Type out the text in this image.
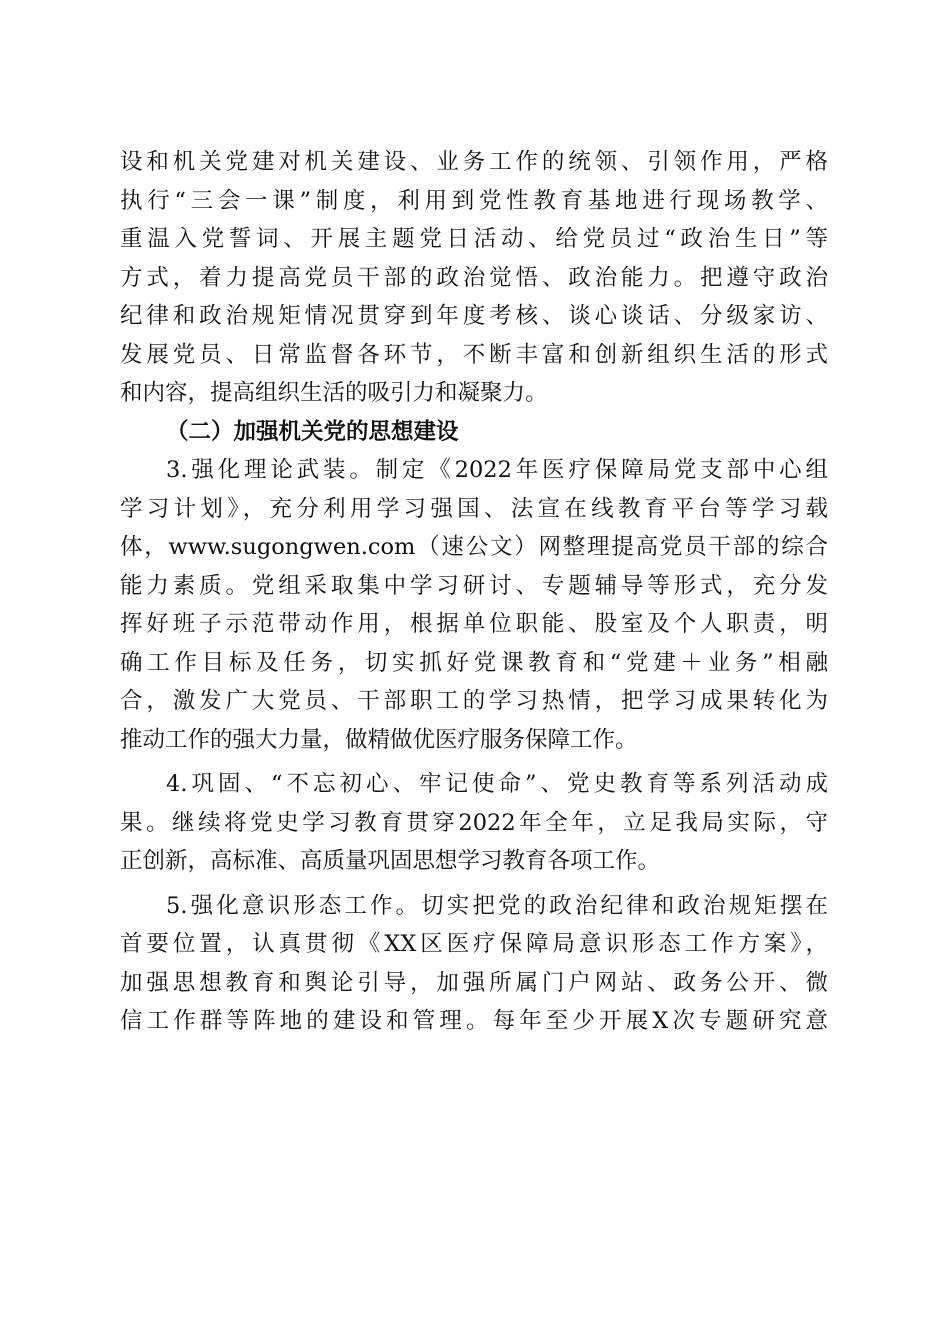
设和机关党建对机关建设、业务工作的统领、引领作用，严格
执行“三会一课”制度，利用到党性教育基地进行现场教学、
重温入党誓词、开展主题党日活动、给党员过“政治生日”等
方式，着力提高党员干部的政治觉悟、政治能力。把遵守政治
纪律和政治规矩情况贯穿到年度考核、谈心谈话、分级家访、
发展党员、日常监督各环节，不断丰富和创新组织生活的形式
和内容，提高组织生活的吸引力和凝聚力。
（二）加强机关党的思想建设
3.强化理论武装。制定《2022年医疗保障局党支部中心组
学习计划》，充分利用学习强国、法宣在线教育平台等学习载
体，www.sugongwen.com（速公文）网整理提高党员干部的综合
能力素质。党组采取集中学习研讨、专题辅导等形式，充分发
挥好班子示范带动作用，根据单位职能、股室及个人职责，明
确工作目标及任务，切实抓好党课教育和“党建＋业务”相融
合，激发广大党员、干部职工的学习热情，把学习成果转化为
推动工作的强大力量，做精做优医疗服务保障工作。
4.巩固、“不忘初心、牢记使命”、党史教育等系列活动成
果。继续将党史学习教育贯穿2022年全年，立足我局实际，守
正创新，高标准、高质量巩固思想学习教育各项工作。
5.强化意识形态工作。切实把党的政治纪律和政治规矩摆在
首要位置，认真贯彻《XX区医疗保障局意识形态工作方案》，
加强思想教育和舆论引导，加强所属门户网站、政务公开、微
信工作群等阵地的建设和管理。每年至少开展X次专题研究意
